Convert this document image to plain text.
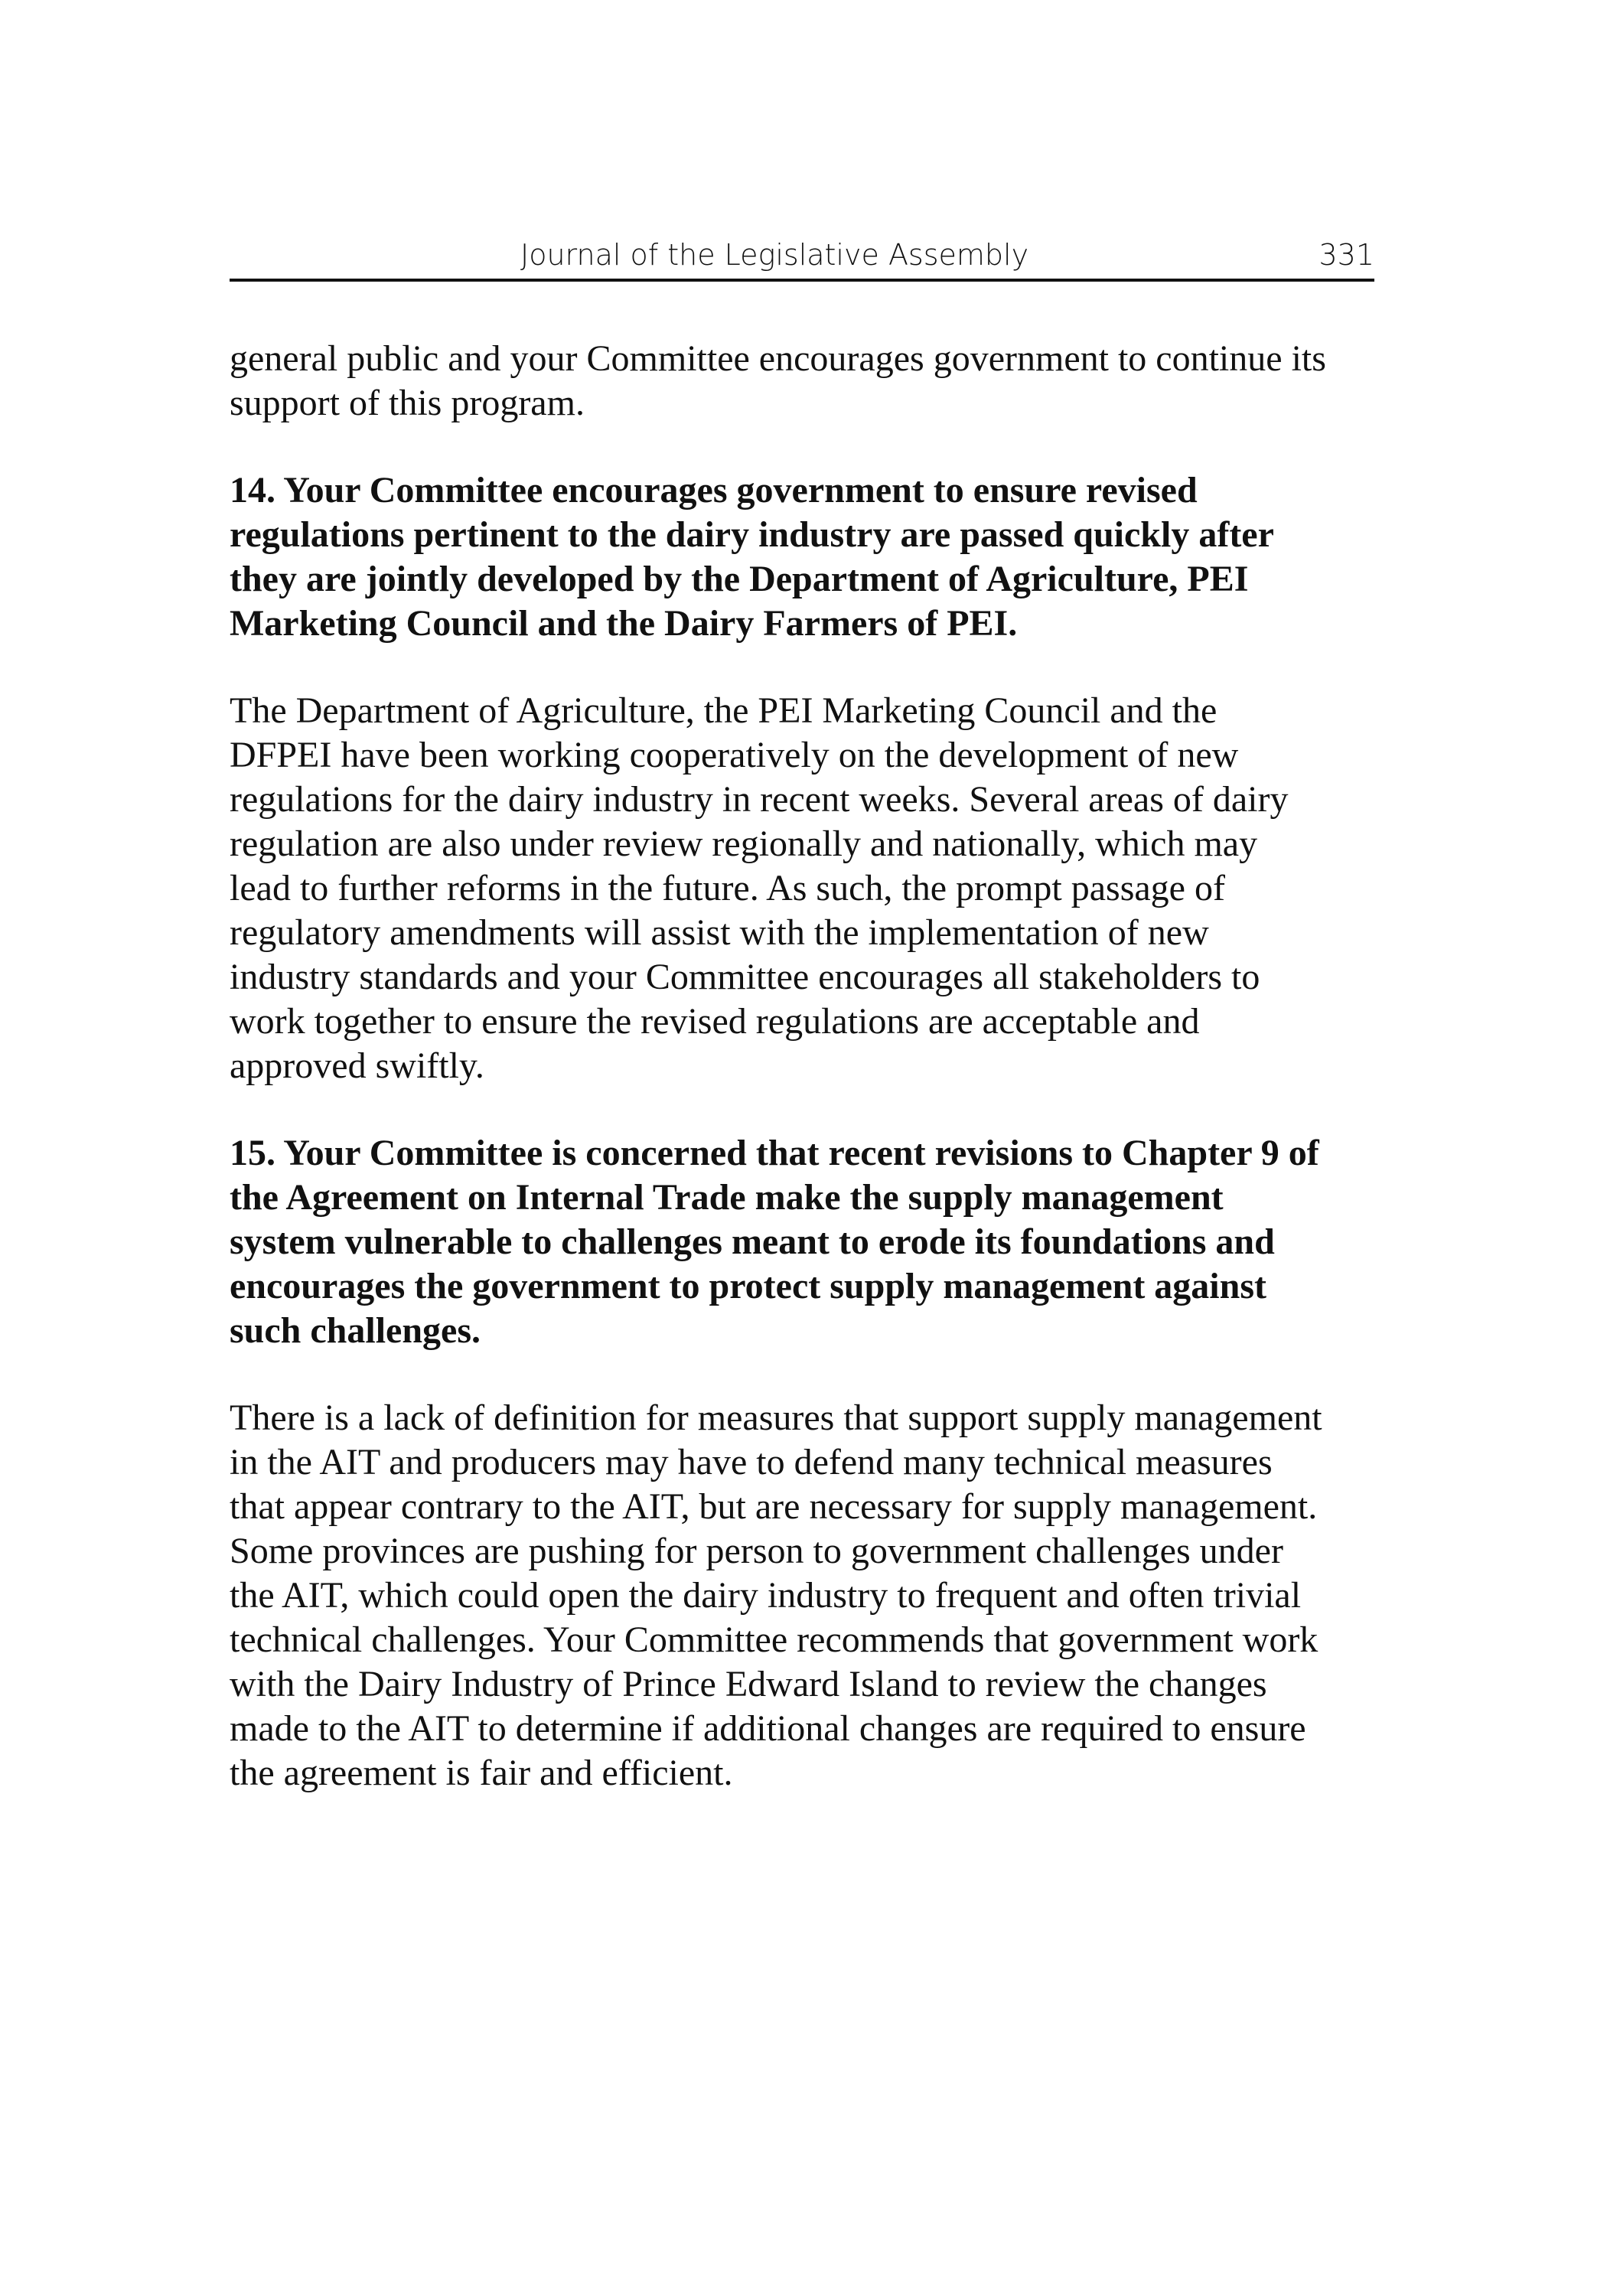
Journal of the Legislative Assembly	331

general public and your Committee encourages government to continue its
support of this program.

14. Your Committee encourages government to ensure revised
regulations pertinent to the dairy industry are passed quickly after
they are jointly developed by the Department of Agriculture, PEI
Marketing Council and the Dairy Farmers of PEI.

The Department of Agriculture, the PEI Marketing Council and the
DFPEI have been working cooperatively on the development of new
regulations for the dairy industry in recent weeks. Several areas of dairy
regulation are also under review regionally and nationally, which may
lead to further reforms in the future. As such, the prompt passage of
regulatory amendments will assist with the implementation of new
industry standards and your Committee encourages all stakeholders to
work together to ensure the revised regulations are acceptable and
approved swiftly.

15. Your Committee is concerned that recent revisions to Chapter 9 of
the Agreement on Internal Trade make the supply management
system vulnerable to challenges meant to erode its foundations and
encourages the government to protect supply management against
such challenges.

There is a lack of definition for measures that support supply management
in the AIT and producers may have to defend many technical measures
that appear contrary to the AIT, but are necessary for supply management.
Some provinces are pushing for person to government challenges under
the AIT, which could open the dairy industry to frequent and often trivial
technical challenges. Your Committee recommends that government work
with the Dairy Industry of Prince Edward Island to review the changes
made to the AIT to determine if additional changes are required to ensure
the agreement is fair and efficient.
